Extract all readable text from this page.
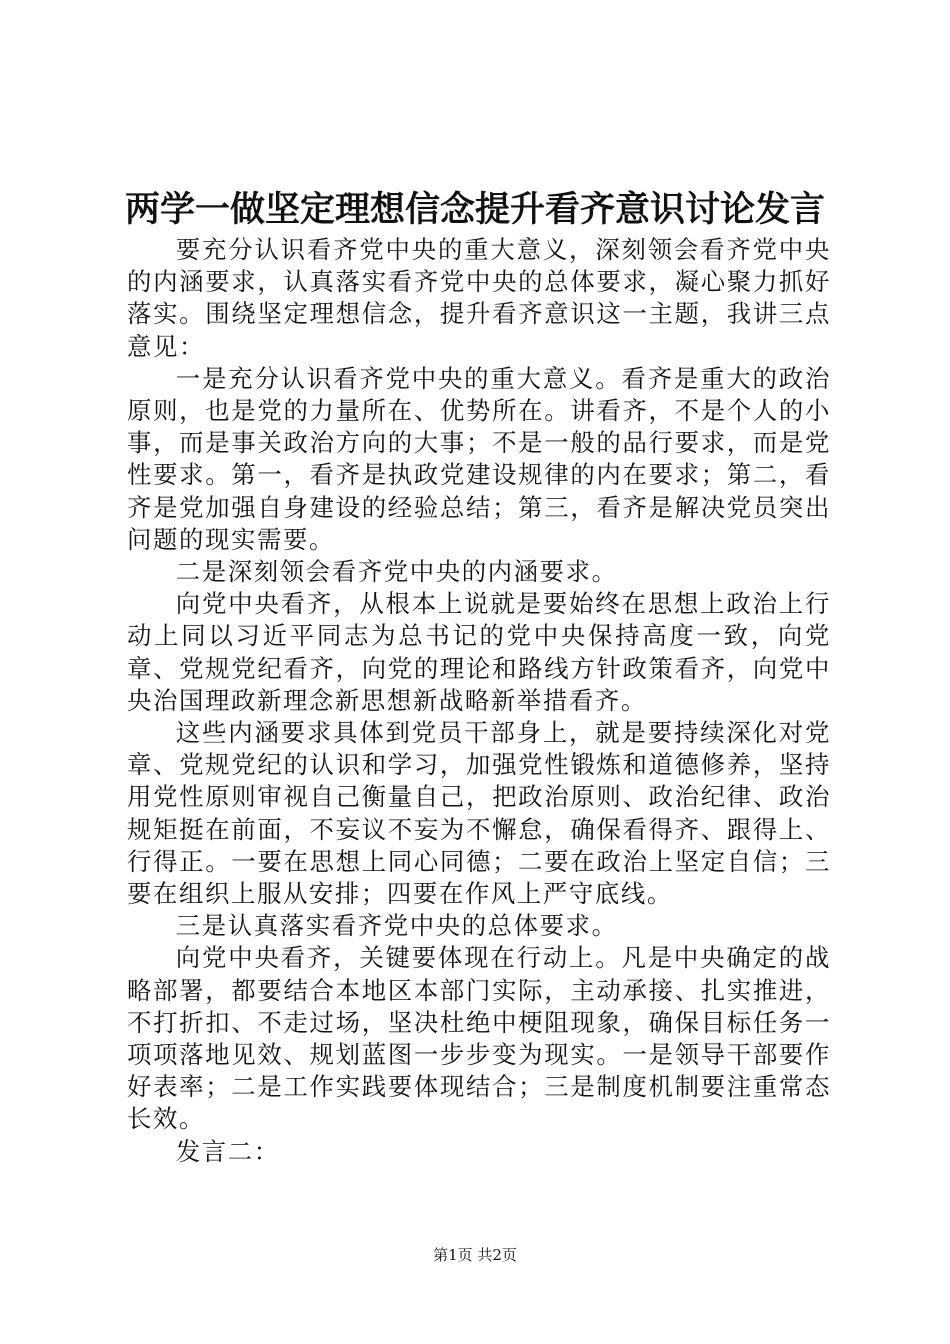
两学一做坚定理想信念提升看齐意识讨论发言

要充分认识看齐党中央的重大意义，深刻领会看齐党中央的内涵要求，认真落实看齐党中央的总体要求，凝心聚力抓好落实。围绕坚定理想信念，提升看齐意识这一主题，我讲三点意见：

一是充分认识看齐党中央的重大意义。看齐是重大的政治原则，也是党的力量所在、优势所在。讲看齐，不是个人的小事，而是事关政治方向的大事；不是一般的品行要求，而是党性要求。第一，看齐是执政党建设规律的内在要求；第二，看齐是党加强自身建设的经验总结；第三，看齐是解决党员突出问题的现实需要。

二是深刻领会看齐党中央的内涵要求。

向党中央看齐，从根本上说就是要始终在思想上政治上行动上同以习近平同志为总书记的党中央保持高度一致，向党章、党规党纪看齐，向党的理论和路线方针政策看齐，向党中央治国理政新理念新思想新战略新举措看齐。

这些内涵要求具体到党员干部身上，就是要持续深化对党章、党规党纪的认识和学习，加强党性锻炼和道德修养，坚持用党性原则审视自己衡量自己，把政治原则、政治纪律、政治规矩挺在前面，不妄议不妄为不懈怠，确保看得齐、跟得上、行得正。一要在思想上同心同德；二要在政治上坚定自信；三要在组织上服从安排；四要在作风上严守底线。

三是认真落实看齐党中央的总体要求。

向党中央看齐，关键要体现在行动上。凡是中央确定的战略部署，都要结合本地区本部门实际，主动承接、扎实推进，不打折扣、不走过场，坚决杜绝中梗阻现象，确保目标任务一项项落地见效、规划蓝图一步步变为现实。一是领导干部要作好表率；二是工作实践要体现结合；三是制度机制要注重常态长效。

发言二：

第1页 共2页
